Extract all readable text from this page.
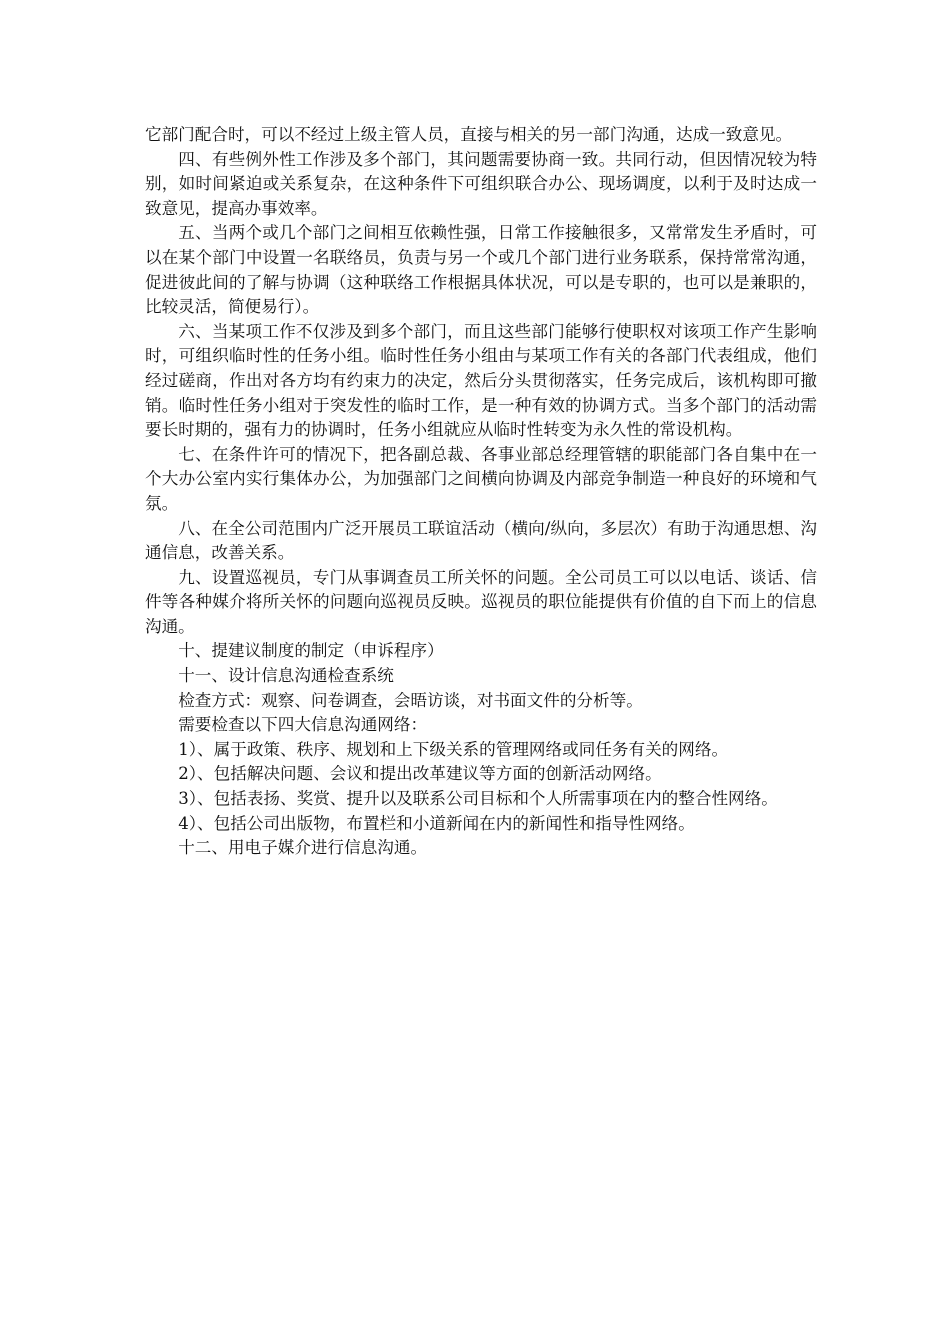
它部门配合时，可以不经过上级主管人员，直接与相关的另一部门沟通，达成一致意见。

四、有些例外性工作涉及多个部门，其问题需要协商一致。共同行动，但因情况较为特别，如时间紧迫或关系复杂，在这种条件下可组织联合办公、现场调度，以利于及时达成一致意见，提高办事效率。

五、当两个或几个部门之间相互依赖性强，日常工作接触很多，又常常发生矛盾时，可以在某个部门中设置一名联络员，负责与另一个或几个部门进行业务联系，保持常常沟通，促进彼此间的了解与协调（这种联络工作根据具体状况，可以是专职的，也可以是兼职的，比较灵活，简便易行）。

六、当某项工作不仅涉及到多个部门，而且这些部门能够行使职权对该项工作产生影响时，可组织临时性的任务小组。临时性任务小组由与某项工作有关的各部门代表组成，他们经过磋商，作出对各方均有约束力的决定，然后分头贯彻落实，任务完成后，该机构即可撤销。临时性任务小组对于突发性的临时工作，是一种有效的协调方式。当多个部门的活动需要长时期的，强有力的协调时，任务小组就应从临时性转变为永久性的常设机构。

七、在条件许可的情况下，把各副总裁、各事业部总经理管辖的职能部门各自集中在一个大办公室内实行集体办公，为加强部门之间横向协调及内部竞争制造一种良好的环境和气氛。

八、在全公司范围内广泛开展员工联谊活动（横向/纵向，多层次）有助于沟通思想、沟通信息，改善关系。

九、设置巡视员，专门从事调查员工所关怀的问题。全公司员工可以以电话、谈话、信件等各种媒介将所关怀的问题向巡视员反映。巡视员的职位能提供有价值的自下而上的信息沟通。

十、提建议制度的制定（申诉程序）

十一、设计信息沟通检查系统

检查方式：观察、问卷调查，会晤访谈，对书面文件的分析等。

需要检查以下四大信息沟通网络：

1）、属于政策、秩序、规划和上下级关系的管理网络或同任务有关的网络。

2）、包括解决问题、会议和提出改革建议等方面的创新活动网络。

3）、包括表扬、奖赏、提升以及联系公司目标和个人所需事项在内的整合性网络。

4）、包括公司出版物，布置栏和小道新闻在内的新闻性和指导性网络。

十二、用电子媒介进行信息沟通。
